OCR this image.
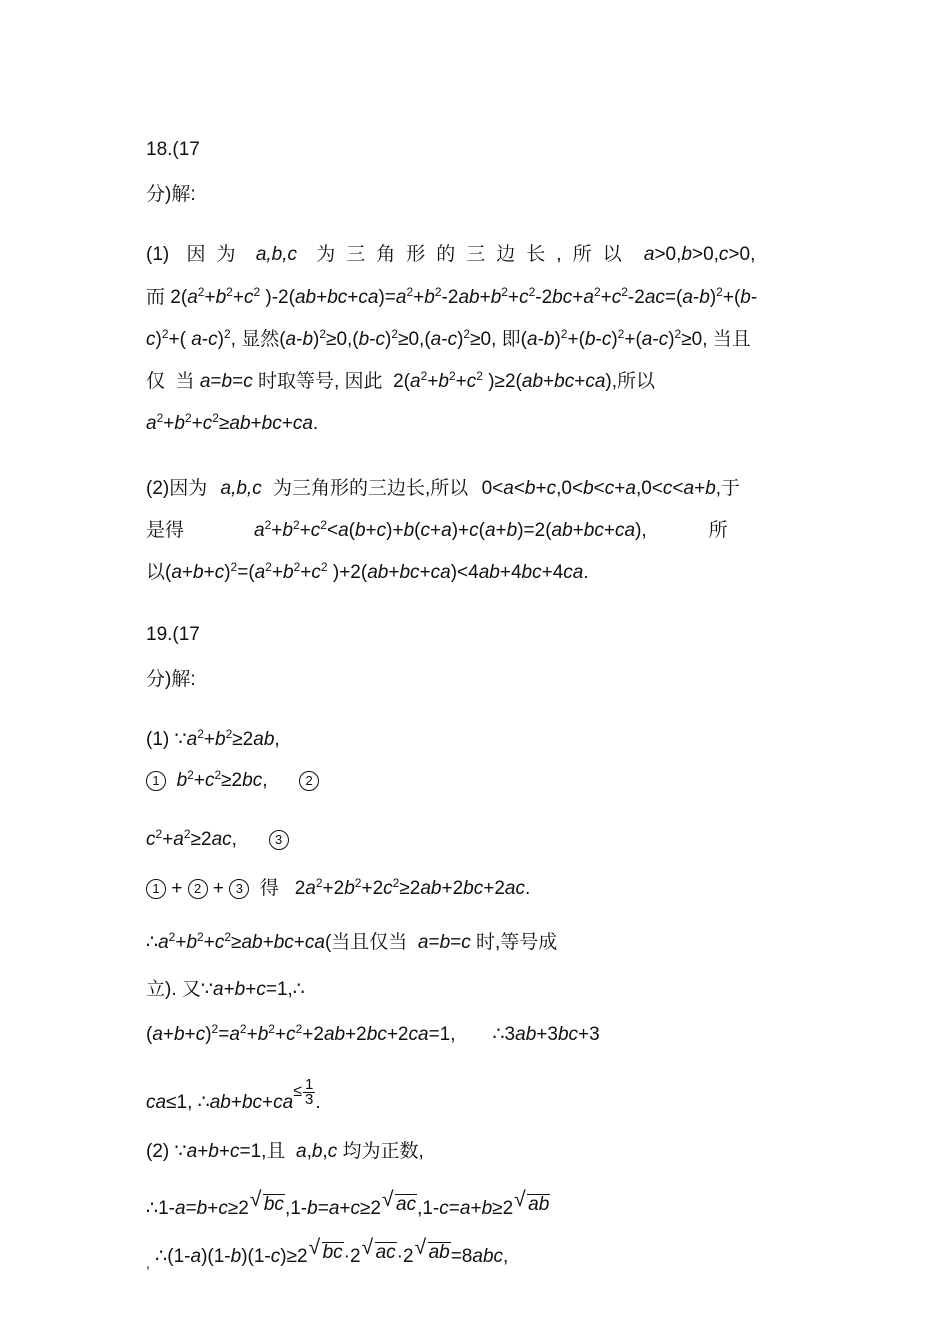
18.(17
分)解:
(1) 因为 a,b,c 为三角形的三边长,所以 a>0,b>0,c>0,
而 $2(a^2+b^2+c^2$ )$-2(ab+bc+ca)=a^2+b^2-2ab+b^2+c^2-2bc+a^2+c^2-2ac=(a-b)^2+(b-$
c)$^2$+( a-c)$^2$, 显然$(a-b)^2\ge 0,(b-c)^2\ge 0,(a-c)^2\ge 0$, 即$(a-b)^2+(b-c)^2+(a-c)^2\ge 0$, 当且
仅  当 a=b=c 时取等号, 因此  $2(a^2+b^2+c^2$ )≥2(ab+bc+ca),所以
$a^2+b^2+c^2\ge ab+bc+ca$.
(2)因为 a,b,c 为三角形的三边长,所以 0<a<b+c,0<b<c+a,0<c<a+b,于
是得	$a^2+b^2+c^2<a(b+c)+b(c+a)+c(a+b)=2(ab+bc+ca)$,	所
以$(a+b+c)^2=(a^2+b^2+c^2$ )+2(ab+bc+ca)<4ab+4bc+4ca.
19.(17
分)解:
(1) $\because a^2+b^2\ge 2ab$,
1 $b^2+c^2\ge 2bc$,      2
$c^2+a^2\ge 2ac$,      3
1 + 2 + 3  得   $2a^2+2b^2+2c^2\ge 2ab+2bc+2ac$.
$\therefore a^2+b^2+c^2\ge ab+bc+ca$(当且仅当  a=b=c 时,等号成
立). 又∵a+b+c=1,∴
$(a+b+c)^2=a^2+b^2+c^2+2ab+2bc+2ca=1$,       ∴3ab+3bc+3
ca≤1, ∴ab+bc+ca≤ $\frac{1}{3}$ .
(2) ∵a+b+c=1,且  a,b,c 均为正数,
∴1-a=b+c≥2 √ bc,1-b=a+c≥2 √ ac,1-c=a+b≥2 √ ab
$_,$ ∴(1-a)(1-b)(1-c)≥2 √ bc·2 √ ac·2 √ ab=8abc,
